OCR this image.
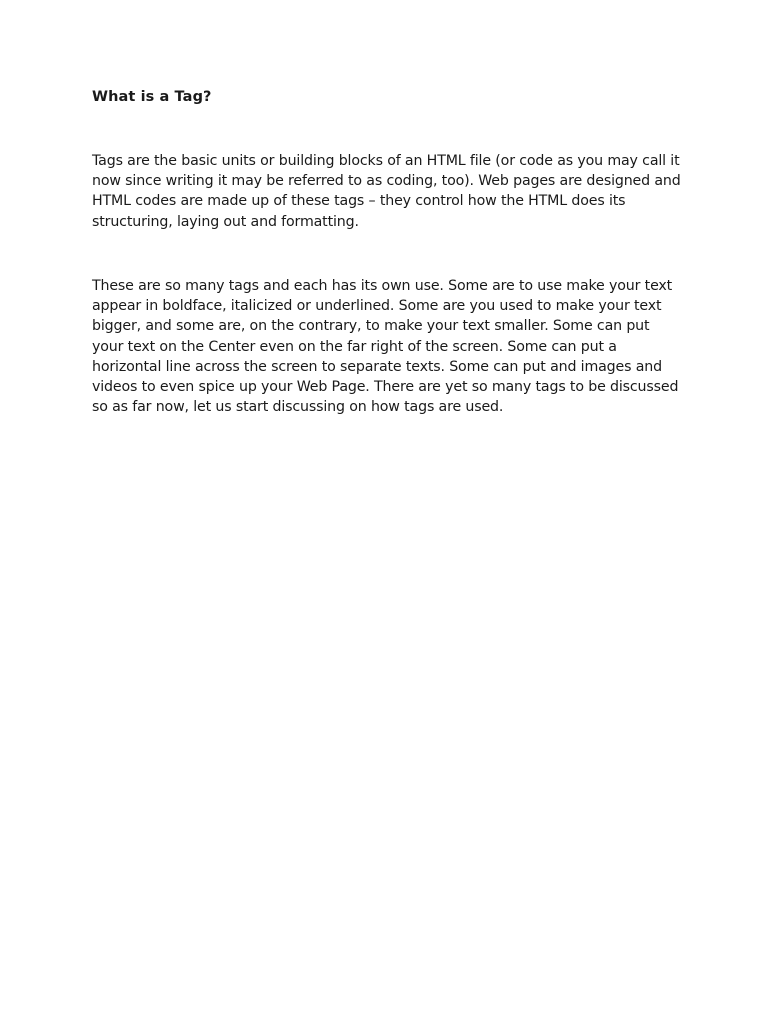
What is a Tag?

Tags are the basic units or building blocks of an HTML file (or code as you may call it
now since writing it may be referred to as coding, too). Web pages are designed and
HTML codes are made up of these tags – they control how the HTML does its
structuring, laying out and formatting.

These are so many tags and each has its own use. Some are to use make your text
appear in boldface, italicized or underlined. Some are you used to make your text
bigger, and some are, on the contrary, to make your text smaller. Some can put
your text on the Center even on the far right of the screen. Some can put a
horizontal line across the screen to separate texts. Some can put and images and
videos to even spice up your Web Page. There are yet so many tags to be discussed
so as far now, let us start discussing on how tags are used.
